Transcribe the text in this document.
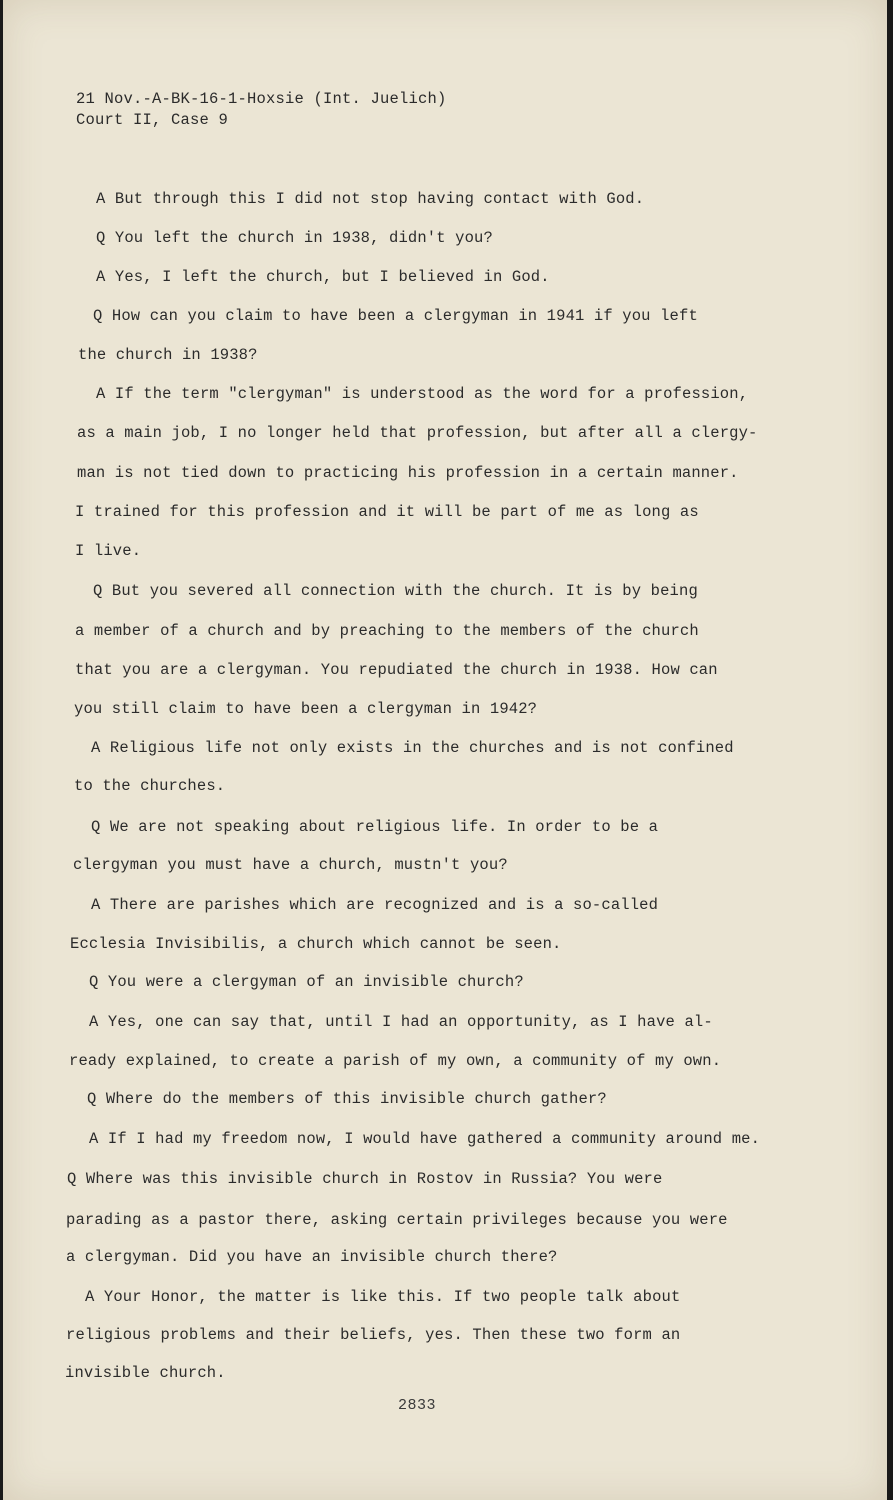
21 Nov.-A-BK-16-1-Hoxsie (Int. Juelich)
Court II, Case 9
A But through this I did not stop having contact with God.
Q You left the church in 1938, didn't you?
A Yes, I left the church, but I believed in God.
Q How can you claim to have been a clergyman in 1941 if you left
the church in 1938?
A If the term "clergyman" is understood as the word for a profession,
as a main job, I no longer held that profession, but after all a clergy-
man is not tied down to practicing his profession in a certain manner.
I trained for this profession and it will be part of me as long as
I live.
Q But you severed all connection with the church. It is by being
a member of a church and by preaching to the members of the church
that you are a clergyman. You repudiated the church in 1938. How can
you still claim to have been a clergyman in 1942?
A Religious life not only exists in the churches and is not confined
to the churches.
Q We are not speaking about religious life. In order to be a
clergyman you must have a church, mustn't you?
A There are parishes which are recognized and is a so-called
Ecclesia Invisibilis, a church which cannot be seen.
Q You were a clergyman of an invisible church?
A Yes, one can say that, until I had an opportunity, as I have al-
ready explained, to create a parish of my own, a community of my own.
Q Where do the members of this invisible church gather?
A If I had my freedom now, I would have gathered a community around me.
Q Where was this invisible church in Rostov in Russia? You were
parading as a pastor there, asking certain privileges because you were
a clergyman. Did you have an invisible church there?
A Your Honor, the matter is like this. If two people talk about
religious problems and their beliefs, yes. Then these two form an
invisible church.
2833
